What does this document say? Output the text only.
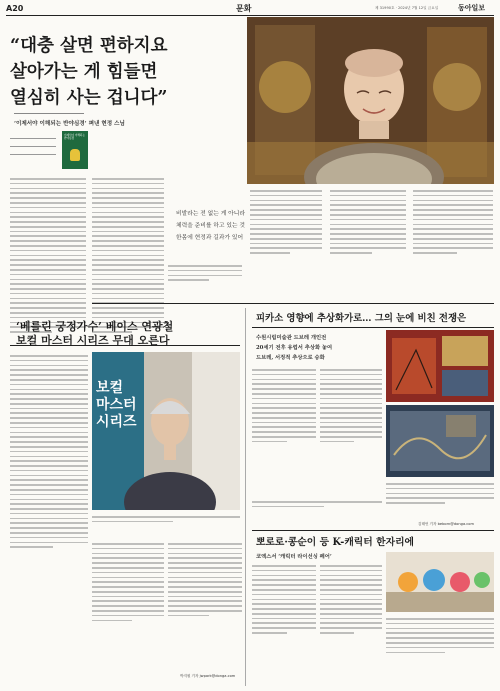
A20	문화	제 31990호 · 2024년 7월 12일 금요일	동아일보
“대충 살면 편하지요
살아가는 게 힘들면
열심히 사는 겁니다”
‘이제서야 이해되는 반야심경’ 펴낸 현정 스님
이제서야 이해되는 반야심경
비발라는 전 없는 게 아니라
체력을 준비를 하고 있는 것
한몸에 현정과 길과가 있어
‘베를린 궁정가수’ 베이스 연광철
보컬 마스터 시리즈 무대 오른다
보컬
마스터
시리즈
박지원 기자 jwpark@donga.com
피카소 영향에 추상화가로… 그의 눈에 비친 전쟁은
수원시립미술관 드브레 개인전
20세기 전후 유럽서 추상화 놓여
드브레, 서정적 추상으로 승화
김태언 기자 beborn@donga.com
뽀로로·콩순이 등 K-캐릭터 한자리에
코엑스서 ‘캐릭터 라이선싱 페어’
